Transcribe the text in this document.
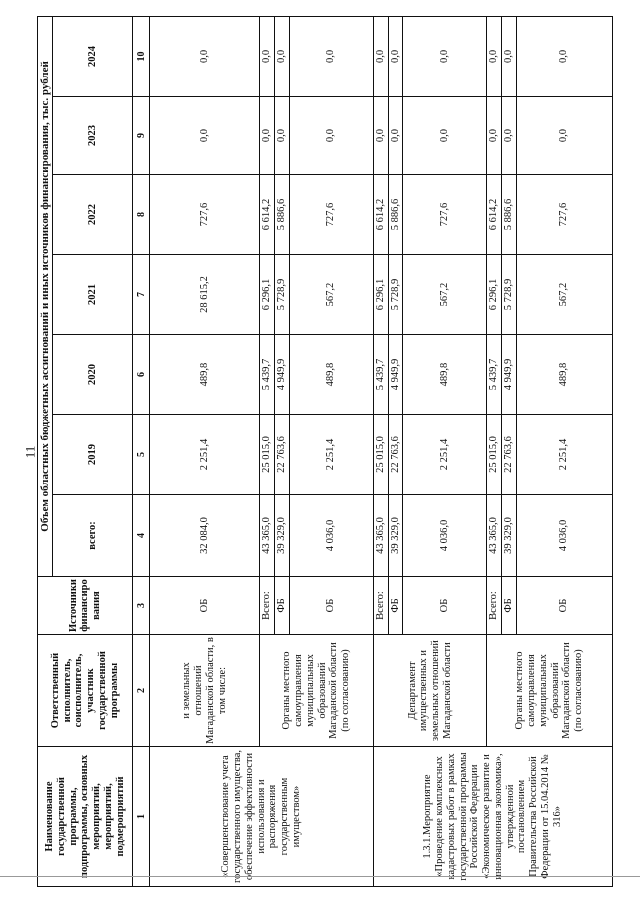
11
Наименование государственной программы, подпрограммы, основных мероприятий, мероприятий, подмероприятий	Ответственный исполнитель, соисполнитель, участник государственной программы	Источники финансиро вания	Объем областных бюджетных ассигнований и иных источников финансирования, тыс. рублей						
			всего:	2019	2020	2021	2022	2023	2024
1	2	3	4	5	6	7	8	9	10
«Совершенствование учета государственного имущества, обеспечение эффективности использования и распоряжения государственным имуществом»	и земельных отношений Магаданской области, в том числе:	ОБ	32 084,0	2 251,4	489,8	28 615,2	727,6	0,0	0,0
	Органы местного самоуправления муниципальных образований Магаданской области (по согласованию)	Всего:	43 365,0	25 015,0	5 439,7	6 296,1	6 614,2	0,0	0,0
		ФБ	39 329,0	22 763,6	4 949,9	5 728,9	5 886,6	0,0	0,0
		ОБ	4 036,0	2 251,4	489,8	567,2	727,6	0,0	0,0
1.3.1.Мероприятие «Проведение комплексных кадастровых работ в рамках государственной программы Российской Федерации «Экономическое развитие и инновационная экономика», утвержденной постановлением Правительства Российской Федерации от 15.04.2014 № 316»	Департамент имущественных и земельных отношений Магаданской области	Всего:	43 365,0	25 015,0	5 439,7	6 296,1	6 614,2	0,0	0,0
		ФБ	39 329,0	22 763,6	4 949,9	5 728,9	5 886,6	0,0	0,0
		ОБ	4 036,0	2 251,4	489,8	567,2	727,6	0,0	0,0
	Органы местного самоуправления муниципальных образований Магаданской области (по согласованию)	Всего:	43 365,0	25 015,0	5 439,7	6 296,1	6 614,2	0,0	0,0
		ФБ	39 329,0	22 763,6	4 949,9	5 728,9	5 886,6	0,0	0,0
		ОБ	4 036,0	2 251,4	489,8	567,2	727,6	0,0	0,0
